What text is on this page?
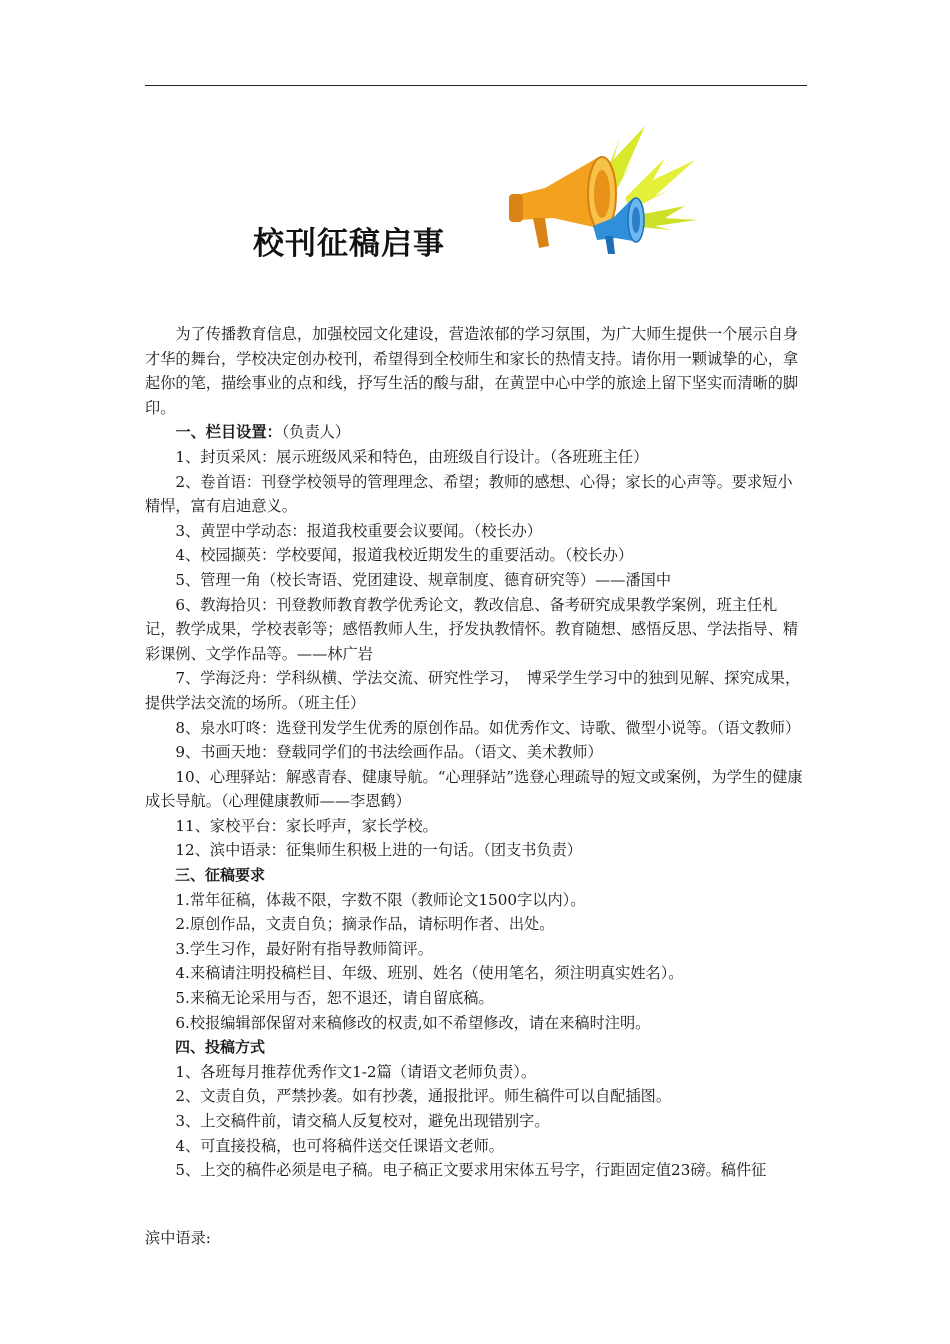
校刊征稿启事

为了传播教育信息，加强校园文化建设，营造浓郁的学习氛围，为广大师生提供一个展示自身才华的舞台，学校决定创办校刊，希望得到全校师生和家长的热情支持。请你用一颗诚挚的心，拿起你的笔，描绘事业的点和线，抒写生活的酸与甜，在黄罡中心中学的旅途上留下坚实而清晰的脚印。

一、栏目设置：（负责人）

1、封页采风：展示班级风采和特色，由班级自行设计。（各班班主任）

2、卷首语：刊登学校领导的管理理念、希望；教师的感想、心得；家长的心声等。要求短小精悍，富有启迪意义。

3、黄罡中学动态：报道我校重要会议要闻。（校长办）

4、校园撷英：学校要闻，报道我校近期发生的重要活动。（校长办）

5、管理一角（校长寄语、党团建设、规章制度、德育研究等）——潘国中

6、教海拾贝：刊登教师教育教学优秀论文，教改信息、备考研究成果教学案例，班主任札记，教学成果，学校表彰等；感悟教师人生，抒发执教情怀。教育随想、感悟反思、学法指导、精彩课例、文学作品等。——林广岩

7、学海泛舟：学科纵横、学法交流、研究性学习，　博采学生学习中的独到见解、探究成果，提供学法交流的场所。（班主任）

8、泉水叮咚：选登刊发学生优秀的原创作品。如优秀作文、诗歌、微型小说等。（语文教师）

9、书画天地：登载同学们的书法绘画作品。（语文、美术教师）

10、心理驿站：解惑青春、健康导航。“心理驿站”选登心理疏导的短文或案例，为学生的健康成长导航。（心理健康教师——李恩鹤）

11、家校平台：家长呼声，家长学校。

12、滨中语录：征集师生积极上进的一句话。（团支书负责）

三、征稿要求

1.常年征稿，体裁不限，字数不限（教师论文1500字以内）。

2.原创作品，文责自负；摘录作品，请标明作者、出处。

3.学生习作，最好附有指导教师简评。

4.来稿请注明投稿栏目、年级、班别、姓名（使用笔名，须注明真实姓名）。

5.来稿无论采用与否，恕不退还，请自留底稿。

6.校报编辑部保留对来稿修改的权责,如不希望修改，请在来稿时注明。

四、投稿方式

1、各班每月推荐优秀作文1-2篇（请语文老师负责）。

2、文责自负，严禁抄袭。如有抄袭，通报批评。师生稿件可以自配插图。

3、上交稿件前，请交稿人反复校对，避免出现错别字。

4、可直接投稿，也可将稿件送交任课语文老师。

5、上交的稿件必须是电子稿。电子稿正文要求用宋体五号字，行距固定值23磅。稿件征

滨中语录:
